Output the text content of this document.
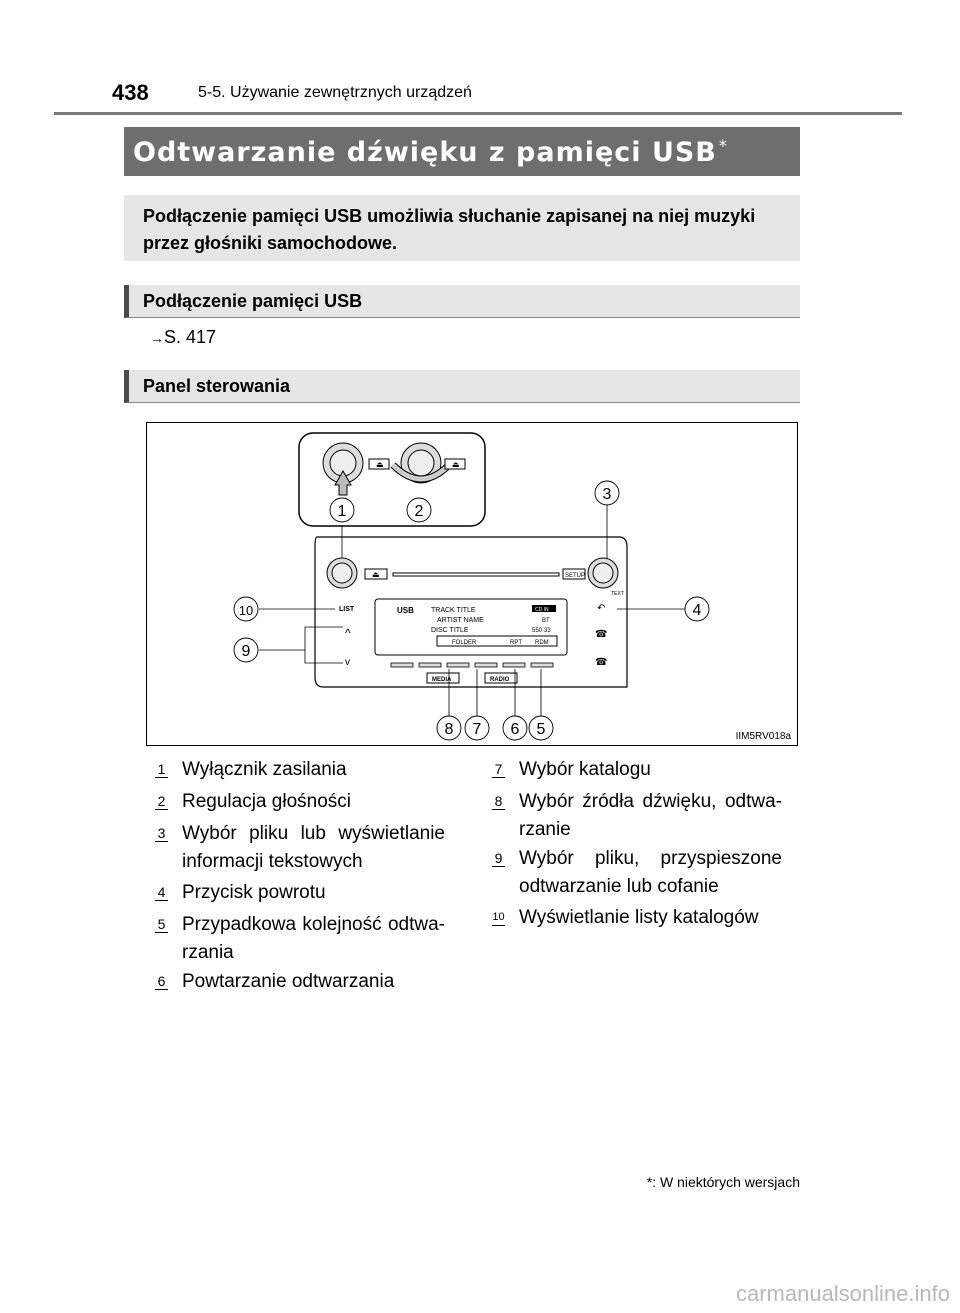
438	5-5. Używanie zewnętrznych urządzeń
Odtwarzanie dźwięku z pamięci USB *
Podłączenie pamięci USB umożliwia słuchanie zapisanej na niej muzyki przez głośniki samochodowe.
Podłączenie pamięci USB
→S. 417
Panel sterowania
⏏	⏏
⏏	SETUP
LIST
^
v
↶
☎
☎
TEXT
USB TRACK TITLE
ARTIST NAME
DISC TITLE
CD IN
BT
550·33
FOLDER	RPT RDM
MEDIA	RADIO
1	2
3
4
5
6
7
8
9
10
IIM5RV018a
1 Wyłącznik zasilania
2 Regulacja głośności
3 Wybór pliku lub wyświetlanie informacji tekstowych
4 Przycisk powrotu
5 Przypadkowa kolejność odtwa-rzania
6 Powtarzanie odtwarzania
7 Wybór katalogu
8 Wybór źródła dźwięku, odtwa-rzanie
9 Wybór pliku, przyspieszone odtwarzanie lub cofanie
10 Wyświetlanie listy katalogów
*: W niektórych wersjach
carmanualsonline.info
